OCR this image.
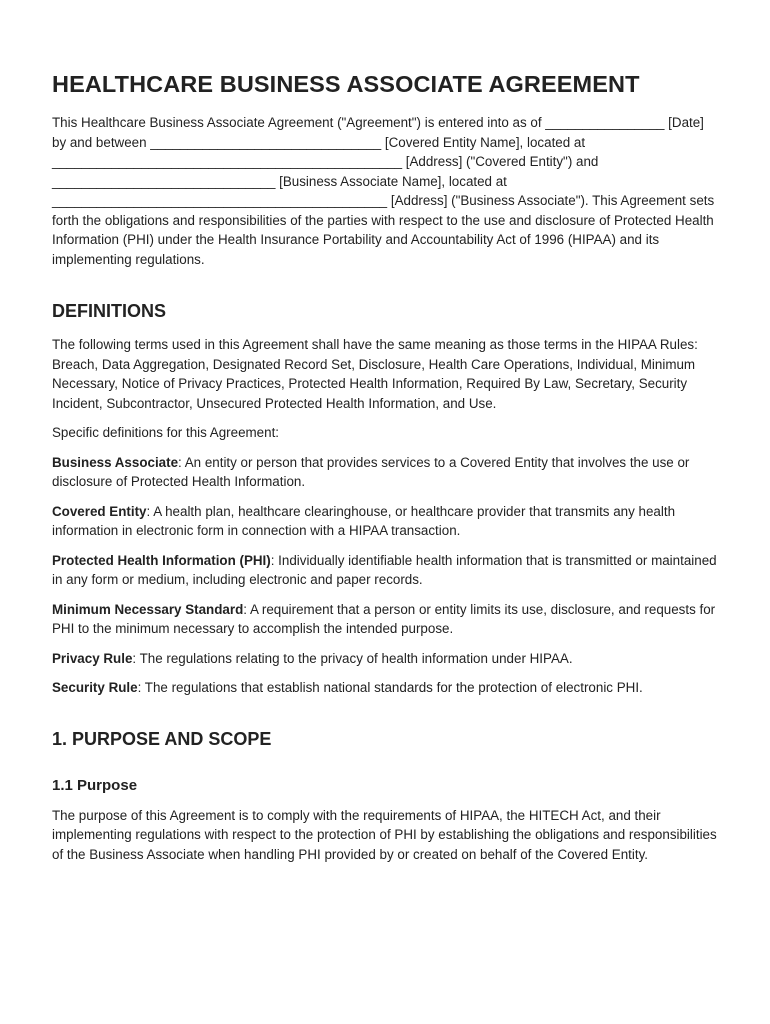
HEALTHCARE BUSINESS ASSOCIATE AGREEMENT

This Healthcare Business Associate Agreement ("Agreement") is entered into as of ________________ [Date] by and between _______________________________ [Covered Entity Name], located at _______________________________________________ [Address] ("Covered Entity") and ______________________________ [Business Associate Name], located at _____________________________________________ [Address] ("Business Associate"). This Agreement sets forth the obligations and responsibilities of the parties with respect to the use and disclosure of Protected Health Information (PHI) under the Health Insurance Portability and Accountability Act of 1996 (HIPAA) and its implementing regulations.

DEFINITIONS

The following terms used in this Agreement shall have the same meaning as those terms in the HIPAA Rules: Breach, Data Aggregation, Designated Record Set, Disclosure, Health Care Operations, Individual, Minimum Necessary, Notice of Privacy Practices, Protected Health Information, Required By Law, Secretary, Security Incident, Subcontractor, Unsecured Protected Health Information, and Use.

Specific definitions for this Agreement:

Business Associate: An entity or person that provides services to a Covered Entity that involves the use or disclosure of Protected Health Information.

Covered Entity: A health plan, healthcare clearinghouse, or healthcare provider that transmits any health information in electronic form in connection with a HIPAA transaction.

Protected Health Information (PHI): Individually identifiable health information that is transmitted or maintained in any form or medium, including electronic and paper records.

Minimum Necessary Standard: A requirement that a person or entity limits its use, disclosure, and requests for PHI to the minimum necessary to accomplish the intended purpose.

Privacy Rule: The regulations relating to the privacy of health information under HIPAA.

Security Rule: The regulations that establish national standards for the protection of electronic PHI.

1. PURPOSE AND SCOPE
1.1 Purpose

The purpose of this Agreement is to comply with the requirements of HIPAA, the HITECH Act, and their implementing regulations with respect to the protection of PHI by establishing the obligations and responsibilities of the Business Associate when handling PHI provided by or created on behalf of the Covered Entity.
